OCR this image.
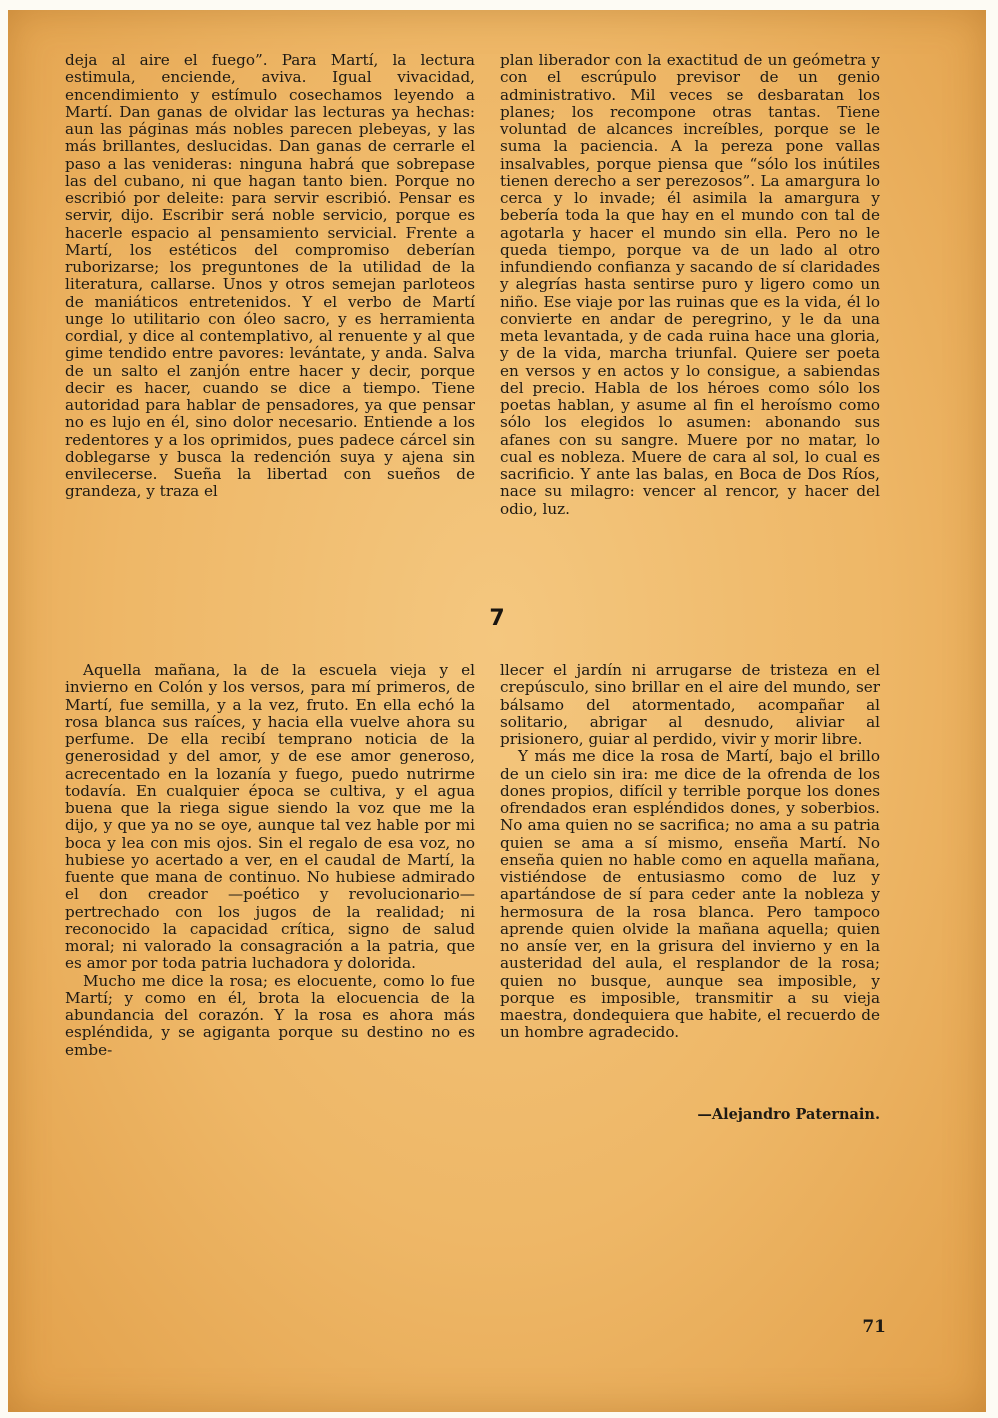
deja al aire el fuego”. Para Martí, la lectura estimula, enciende, aviva. Igual vivacidad, encendimiento y estímulo cosechamos leyendo a Martí. Dan ganas de olvidar las lecturas ya hechas: aun las páginas más nobles parecen plebeyas, y las más brillantes, deslucidas. Dan ganas de cerrarle el paso a las venideras: ninguna habrá que sobrepase las del cubano, ni que hagan tanto bien. Porque no escribió por deleite: para servir escribió. Pensar es servir, dijo. Escribir será noble servicio, porque es hacerle espacio al pensamiento servicial. Frente a Martí, los estéticos del compromiso deberían ruborizarse; los preguntones de la utilidad de la literatura, callarse. Unos y otros semejan parloteos de maniáticos entretenidos. Y el verbo de Martí unge lo utilitario con óleo sacro, y es herramienta cordial, y dice al contemplativo, al renuente y al que gime tendido entre pavores: levántate, y anda. Salva de un salto el zanjón entre hacer y decir, porque decir es hacer, cuando se dice a tiempo. Tiene autoridad para hablar de pensadores, ya que pensar no es lujo en él, sino dolor necesario. Entiende a los redentores y a los oprimidos, pues padece cárcel sin doblegarse y busca la redención suya y ajena sin envilecerse. Sueña la libertad con sueños de grandeza, y traza el

plan liberador con la exactitud de un geómetra y con el escrúpulo previsor de un genio administrativo. Mil veces se desbaratan los planes; los recompone otras tantas. Tiene voluntad de alcances increíbles, porque se le suma la paciencia. A la pereza pone vallas insalvables, porque piensa que “sólo los inútiles tienen derecho a ser perezosos”. La amargura lo cerca y lo invade; él asimila la amargura y bebería toda la que hay en el mundo con tal de agotarla y hacer el mundo sin ella. Pero no le queda tiempo, porque va de un lado al otro infundiendo confianza y sacando de sí claridades y alegrías hasta sentirse puro y ligero como un niño. Ese viaje por las ruinas que es la vida, él lo convierte en andar de peregrino, y le da una meta levantada, y de cada ruina hace una gloria, y de la vida, marcha triunfal. Quiere ser poeta en versos y en actos y lo consigue, a sabiendas del precio. Habla de los héroes como sólo los poetas hablan, y asume al fin el heroísmo como sólo los elegidos lo asumen: abonando sus afanes con su sangre. Muere por no matar, lo cual es nobleza. Muere de cara al sol, lo cual es sacrificio. Y ante las balas, en Boca de Dos Ríos, nace su milagro: vencer al rencor, y hacer del odio, luz.

7

Aquella mañana, la de la escuela vieja y el invierno en Colón y los versos, para mí primeros, de Martí, fue semilla, y a la vez, fruto. En ella echó la rosa blanca sus raíces, y hacia ella vuelve ahora su perfume. De ella recibí temprano noticia de la generosidad y del amor, y de ese amor generoso, acrecentado en la lozanía y fuego, puedo nutrirme todavía. En cualquier época se cultiva, y el agua buena que la riega sigue siendo la voz que me la dijo, y que ya no se oye, aunque tal vez hable por mi boca y lea con mis ojos. Sin el regalo de esa voz, no hubiese yo acertado a ver, en el caudal de Martí, la fuente que mana de continuo. No hubiese admirado el don creador —poético y revolucionario— pertrechado con los jugos de la realidad; ni reconocido la capacidad crítica, signo de salud moral; ni valorado la consagración a la patria, que es amor por toda patria luchadora y dolorida.

Mucho me dice la rosa; es elocuente, como lo fue Martí; y como en él, brota la elocuencia de la abundancia del corazón. Y la rosa es ahora más espléndida, y se agiganta porque su destino no es embe-

llecer el jardín ni arrugarse de tristeza en el crepúsculo, sino brillar en el aire del mundo, ser bálsamo del atormentado, acompañar al solitario, abrigar al desnudo, aliviar al prisionero, guiar al perdido, vivir y morir libre.

Y más me dice la rosa de Martí, bajo el brillo de un cielo sin ira: me dice de la ofrenda de los dones propios, difícil y terrible porque los dones ofrendados eran espléndidos dones, y soberbios. No ama quien no se sacrifica; no ama a su patria quien se ama a sí mismo, enseña Martí. No enseña quien no hable como en aquella mañana, vistiéndose de entusiasmo como de luz y apartándose de sí para ceder ante la nobleza y hermosura de la rosa blanca. Pero tampoco aprende quien olvide la mañana aquella; quien no ansíe ver, en la grisura del invierno y en la austeridad del aula, el resplandor de la rosa; quien no busque, aunque sea imposible, y porque es imposible, transmitir a su vieja maestra, dondequiera que habite, el recuerdo de un hombre agradecido.

—Alejandro Paternain.
71
